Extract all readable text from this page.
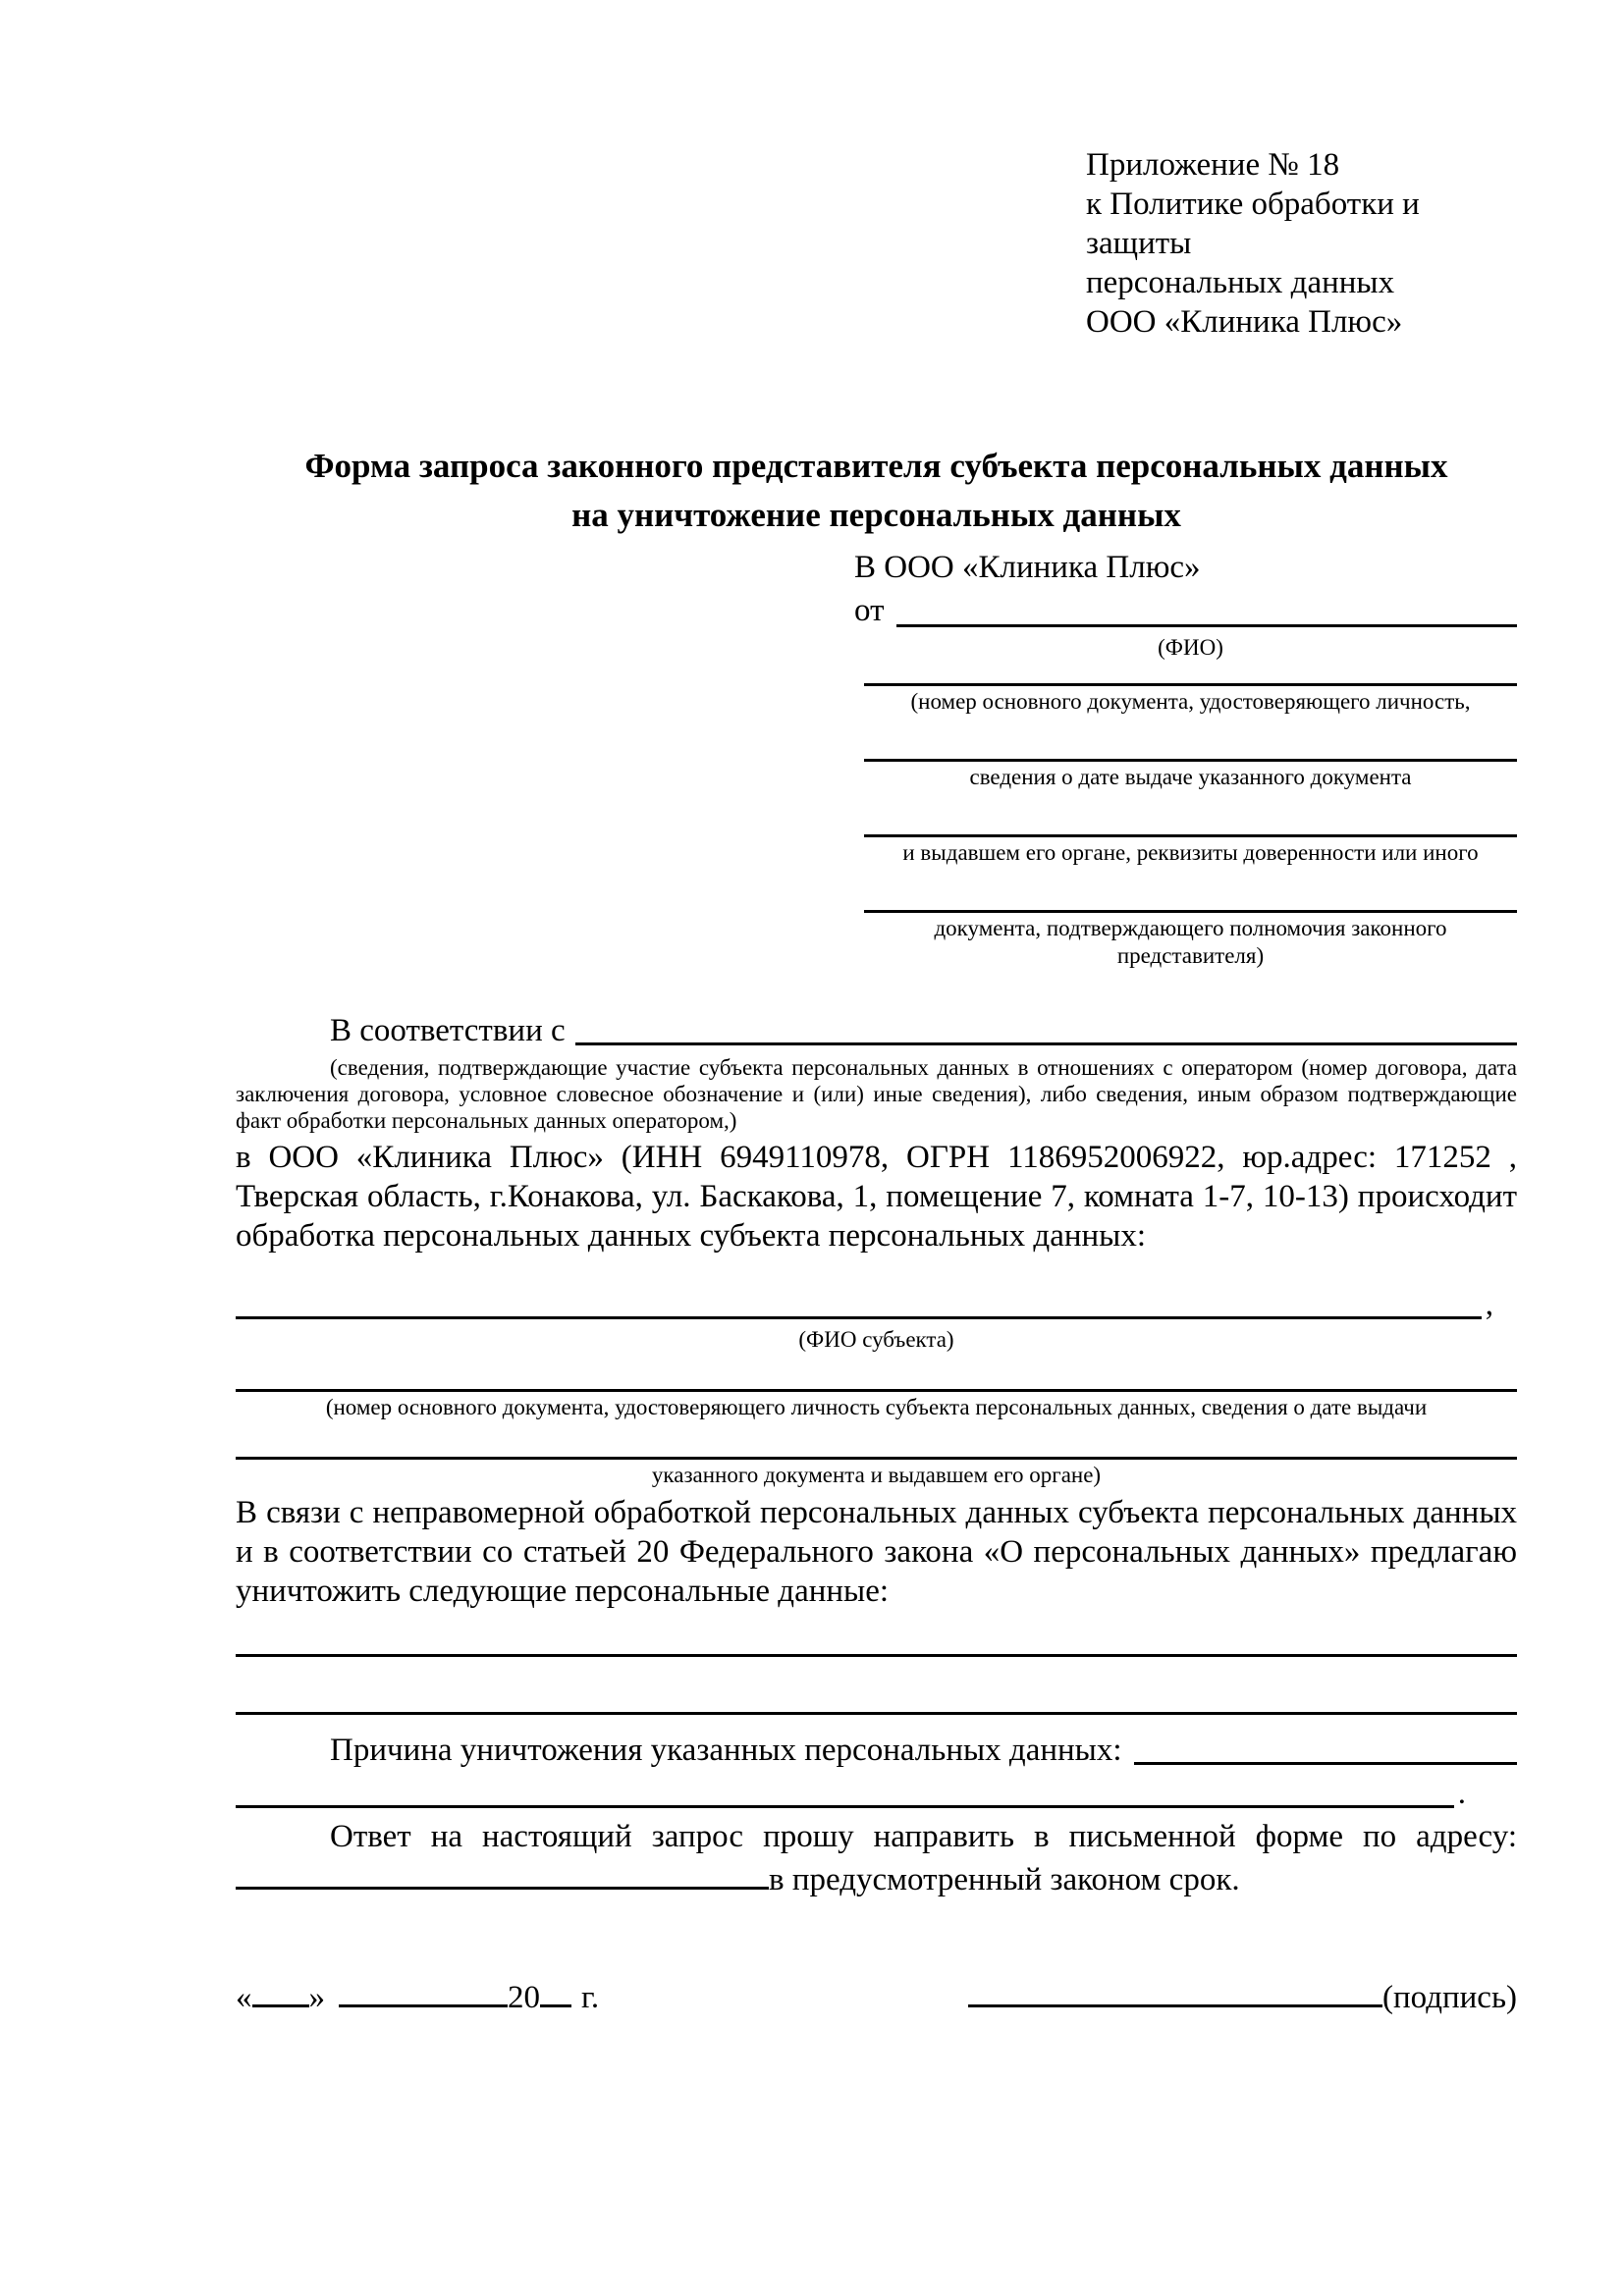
Приложение № 18
к Политике обработки и защиты
персональных данных
ООО «Клиника Плюс»
Форма запроса законного представителя субъекта персональных данных
на уничтожение персональных данных
В ООО «Клиника Плюс»
от
(ФИО)
(номер основного документа, удостоверяющего личность,
сведения о дате выдаче указанного документа
и выдавшем его органе, реквизиты доверенности или иного
документа, подтверждающего полномочия законного представителя)
В соответствии с
(сведения, подтверждающие участие субъекта персональных данных в отношениях с оператором (номер договора, дата заключения договора, условное словесное обозначение и (или) иные сведения), либо сведения, иным образом подтверждающие факт обработки персональных данных оператором,)
в ООО «Клиника Плюс» (ИНН 6949110978, ОГРН 1186952006922, юр.адрес: 171252 , Тверская область, г.Конакова, ул. Баскакова, 1, помещение 7, комната 1-7, 10-13) происходит обработка персональных данных субъекта персональных данных:
,
(ФИО субъекта)
(номер основного документа, удостоверяющего личность субъекта персональных данных, сведения о дате выдачи
указанного документа и выдавшем его органе)
В связи с неправомерной обработкой персональных данных субъекта персональных данных и в соответствии со статьей 20 Федерального закона «О персональных данных» предлагаю уничтожить следующие персональные данные:
Причина уничтожения указанных персональных данных:
.
Ответ на настоящий запрос прошу направить в письменной форме по адресу: в предусмотренный законом срок.
« »	20 г.	(подпись)
